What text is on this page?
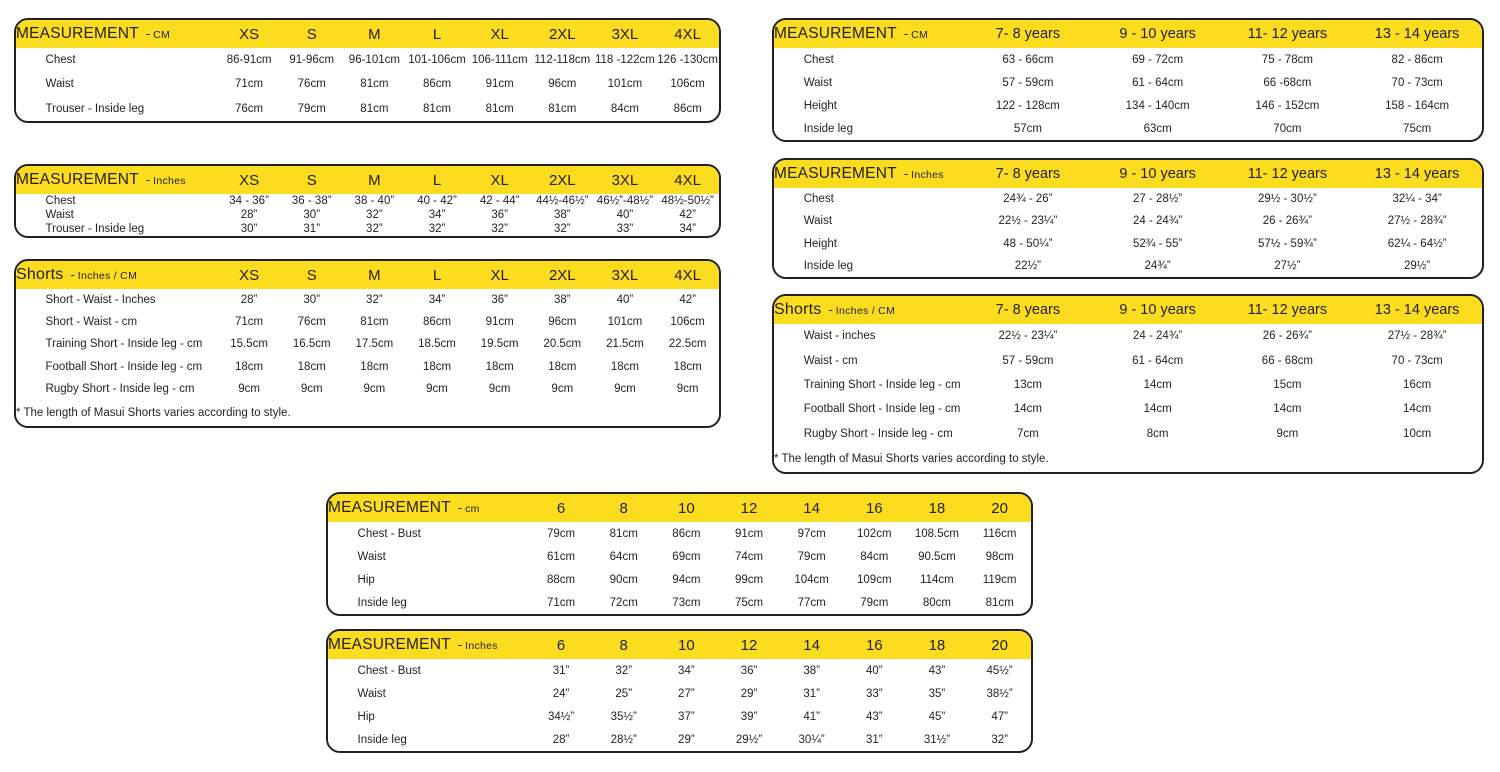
MEASUREMENT - CM		XS	S	M	L	XL	2XL	3XL	4XL
	Chest	86-91cm	91-96cm	96-101cm	101-106cm	106-111cm	112-118cm	118 -122cm	126 -130cm
	Waist	71cm	76cm	81cm	86cm	91cm	96cm	101cm	106cm
	Trouser - Inside leg	76cm	79cm	81cm	81cm	81cm	81cm	84cm	86cm
MEASUREMENT - Inches		XS	S	M	L	XL	2XL	3XL	4XL
	Chest	34 - 36”	36 - 38”	38 - 40”	40 - 42”	42 - 44”	44½-46½”	46½”-48½”	48½-50½”
	Waist	28”	30”	32”	34”	36”	38”	40”	42”
	Trouser - Inside leg	30”	31”	32”	32”	32”	32”	33”	34”
Shorts - Inches / CM		XS	S	M	L	XL	2XL	3XL	4XL
	Short - Waist - Inches	28”	30”	32”	34”	36”	38”	40”	42”
	Short - Waist - cm	71cm	76cm	81cm	86cm	91cm	96cm	101cm	106cm
	Training Short - Inside leg - cm	15.5cm	16.5cm	17.5cm	18.5cm	19.5cm	20.5cm	21.5cm	22.5cm
	Football Short - Inside leg - cm	18cm	18cm	18cm	18cm	18cm	18cm	18cm	18cm
	Rugby Short - Inside leg - cm	9cm	9cm	9cm	9cm	9cm	9cm	9cm	9cm
* The length of Masui Shorts varies according to style.									
MEASUREMENT - CM		7- 8 years	9 - 10 years	11- 12 years	13 - 14 years
	Chest	63 - 66cm	69 - 72cm	75 - 78cm	82 - 86cm
	Waist	57 - 59cm	61 - 64cm	66 -68cm	70 - 73cm
	Height	122 - 128cm	134 - 140cm	146 - 152cm	158 - 164cm
	Inside leg	57cm	63cm	70cm	75cm
MEASUREMENT - Inches		7- 8 years	9 - 10 years	11- 12 years	13 - 14 years
	Chest	24¾ - 26”	27 - 28½”	29½ - 30½”	32¼ - 34”
	Waist	22½ - 23¼”	24 - 24¾”	26 - 26¾”	27½ - 28¾”
	Height	48 - 50¼”	52¾ - 55”	57½ - 59¾”	62¼ - 64½”
	Inside leg	22½”	24¾”	27½”	29½”
Shorts - Inches / CM		7- 8 years	9 - 10 years	11- 12 years	13 - 14 years
	Waist - inches	22½ - 23¼”	24 - 24¾”	26 - 26¾”	27½ - 28¾”
	Waist - cm	57 - 59cm	61 - 64cm	66 - 68cm	70 - 73cm
	Training Short - Inside leg - cm	13cm	14cm	15cm	16cm
	Football Short - Inside leg - cm	14cm	14cm	14cm	14cm
	Rugby Short - Inside leg - cm	7cm	8cm	9cm	10cm
* The length of Masui Shorts varies according to style.					
MEASUREMENT - cm		6	8	10	12	14	16	18	20
	Chest - Bust	79cm	81cm	86cm	91cm	97cm	102cm	108.5cm	116cm
	Waist	61cm	64cm	69cm	74cm	79cm	84cm	90.5cm	98cm
	Hip	88cm	90cm	94cm	99cm	104cm	109cm	114cm	119cm
	Inside leg	71cm	72cm	73cm	75cm	77cm	79cm	80cm	81cm
MEASUREMENT - Inches		6	8	10	12	14	16	18	20
	Chest - Bust	31”	32”	34”	36”	38”	40”	43”	45½”
	Waist	24”	25”	27”	29”	31”	33”	35”	38½”
	Hip	34½”	35½”	37”	39”	41”	43”	45”	47”
	Inside leg	28”	28½”	29”	29½”	30¼”	31”	31½”	32”
